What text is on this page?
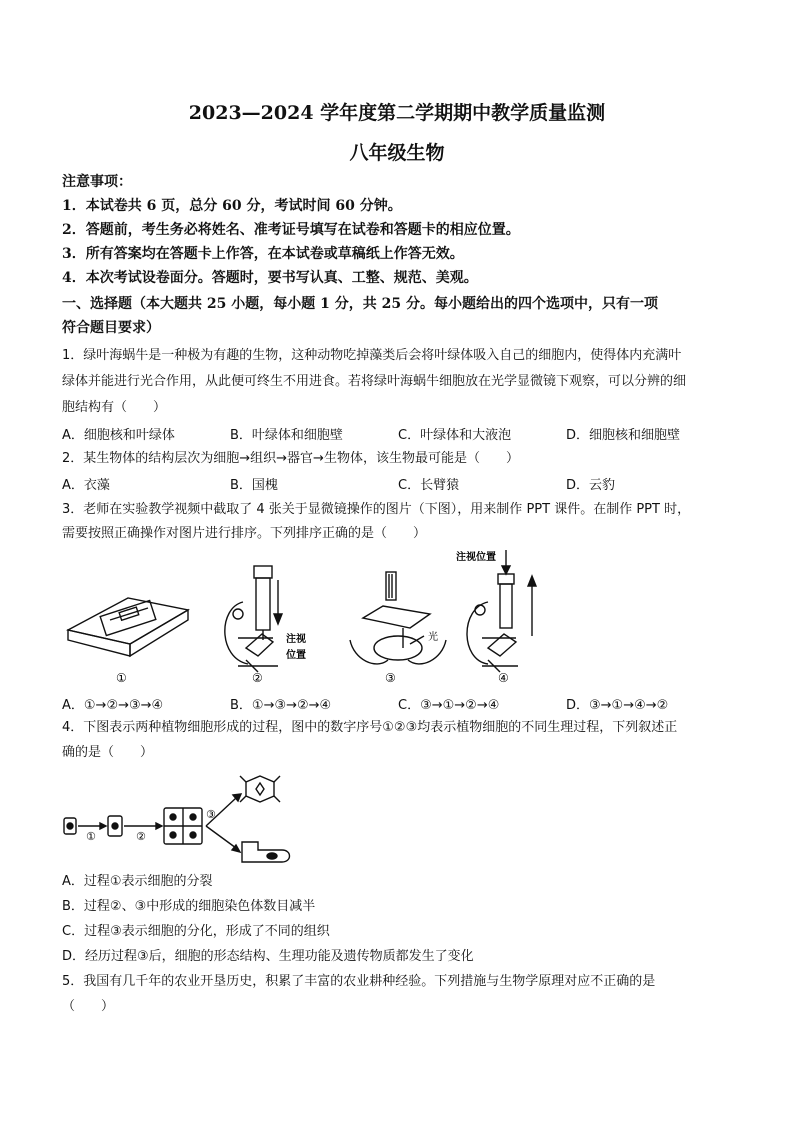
2023—2024 学年度第二学期期中教学质量监测
八年级生物
注意事项：
1．本试卷共 6 页，总分 60 分，考试时间 60 分钟。
2．答题前，考生务必将姓名、准考证号填写在试卷和答题卡的相应位置。
3．所有答案均在答题卡上作答，在本试卷或草稿纸上作答无效。
4．本次考试设卷面分。答题时，要书写认真、工整、规范、美观。
一、选择题（本大题共 25 小题，每小题 1 分，共 25 分。每小题给出的四个选项中，只有一项
符合题目要求）
1．绿叶海蜗牛是一种极为有趣的生物，这种动物吃掉藻类后会将叶绿体吸入自己的细胞内，使得体内充满叶
绿体并能进行光合作用，从此便可终生不用进食。若将绿叶海蜗牛细胞放在光学显微镜下观察，可以分辨的细
胞结构有（　　）
A．细胞核和叶绿体	B．叶绿体和细胞壁	C．叶绿体和大液泡	D．细胞核和细胞壁
2．某生物体的结构层次为细胞→组织→器官→生物体，该生物最可能是（　　）
A．衣藻	B．国槐	C．长臂猿	D．云豹
3．老师在实验教学视频中截取了 4 张关于显微镜操作的图片（下图），用来制作 PPT 课件。在制作 PPT 时，
需要按照正确操作对图片进行排序。下列排序正确的是（　　）
注视
位置
注视位置
光
①	②	③	④
A．①→②→③→④	B．①→③→②→④	C．③→①→②→④	D．③→①→④→②
4．下图表示两种植物细胞形成的过程，图中的数字序号①②③均表示植物细胞的不同生理过程，下列叙述正
确的是（　　）
①	②
③
A．过程①表示细胞的分裂
B．过程②、③中形成的细胞染色体数目减半
C．过程③表示细胞的分化，形成了不同的组织
D．经历过程③后，细胞的形态结构、生理功能及遗传物质都发生了变化
5．我国有几千年的农业开垦历史，积累了丰富的农业耕种经验。下列措施与生物学原理对应不正确的是
（　　）
